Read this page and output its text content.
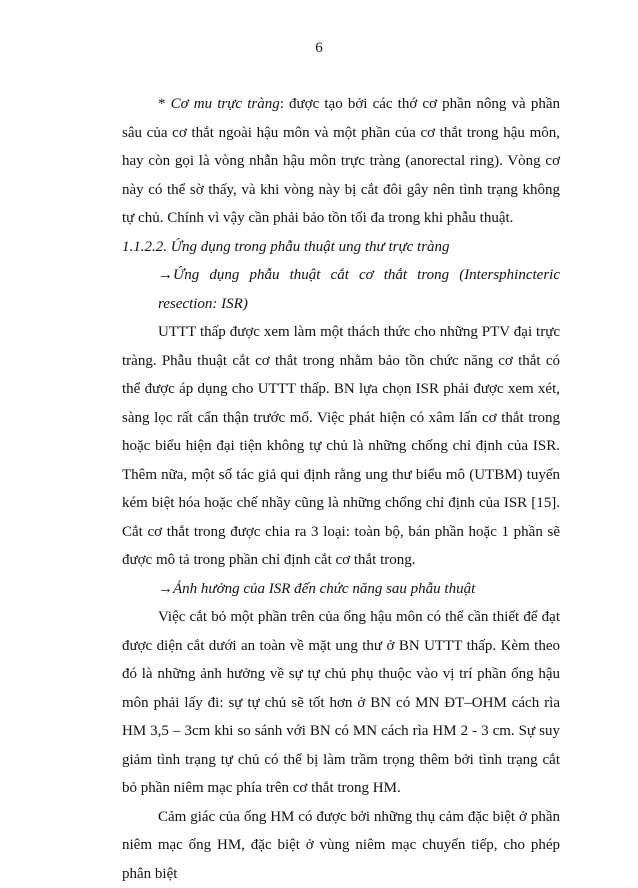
6

* Cơ mu trực tràng: được tạo bởi các thớ cơ phần nông và phần sâu của cơ thắt ngoài hậu môn và một phần của cơ thắt trong hậu môn, hay còn gọi là vòng nhẫn hậu môn trực tràng (anorectal ring). Vòng cơ này có thể sờ thấy, và khi vòng này bị cắt đôi gây nên tình trạng không tự chủ. Chính vì vậy cần phải bảo tồn tối đa trong khi phẫu thuật.

1.1.2.2. Ứng dụng trong phẫu thuật ung thư trực tràng

→Ứng dụng phẫu thuật cắt cơ thắt trong (Intersphincteric resection: ISR)

UTTT thấp được xem làm một thách thức cho những PTV đại trực tràng. Phẫu thuật cắt cơ thắt trong nhằm bảo tồn chức năng cơ thắt có thể được áp dụng cho UTTT thấp. BN lựa chọn ISR phải được xem xét, sàng lọc rất cẩn thận trước mổ. Việc phát hiện có xâm lấn cơ thắt trong hoặc biểu hiện đại tiện không tự chủ là những chống chỉ định của ISR. Thêm nữa, một số tác giả qui định rằng ung thư biểu mô (UTBM) tuyến kém biệt hóa hoặc chế nhầy cũng là những chống chỉ định của ISR [15]. Cắt cơ thắt trong được chia ra 3 loại: toàn bộ, bán phần hoặc 1 phần sẽ được mô tả trong phần chỉ định cắt cơ thắt trong.

→Ảnh hưởng của ISR đến chức năng sau phẫu thuật

Việc cắt bỏ một phần trên của ống hậu môn có thể cần thiết để đạt được diện cắt dưới an toàn về mặt ung thư ở BN UTTT thấp. Kèm theo đó là những ảnh hưởng về sự tự chủ phụ thuộc vào vị trí phần ống hậu môn phải lấy đi: sự tự chủ sẽ tốt hơn ở BN có MN ĐT–OHM cách rìa HM 3,5 – 3cm khi so sánh với BN có MN cách rìa HM 2 - 3 cm. Sự suy giảm tình trạng tự chủ có thể bị làm trầm trọng thêm bởi tình trạng cắt bỏ phần niêm mạc phía trên cơ thắt trong HM.

Cảm giác của ống HM có được bởi những thụ cảm đặc biệt ở phần niêm mạc ống HM, đặc biệt ở vùng niêm mạc chuyển tiếp, cho phép phân biệt
